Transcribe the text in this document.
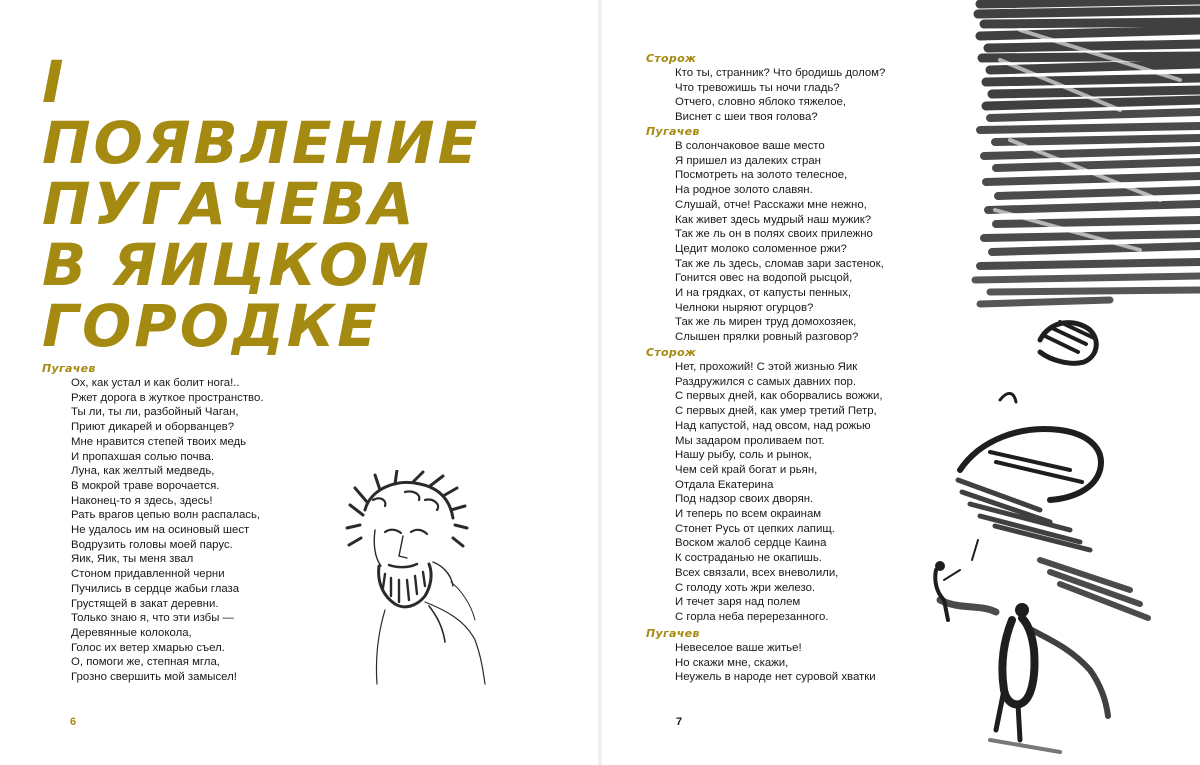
I
ПОЯВЛЕНИЕ
ПУГАЧЕВА
В ЯИЦКОМ
ГОРОДКЕ
Пугачев
Ох, как устал и как болит нога!..
Ржет дорога в жуткое пространство.
Ты ли, ты ли, разбойный Чаган,
Приют дикарей и оборванцев?
Мне нравится степей твоих медь
И пропахшая солью почва.
Луна, как желтый медведь,
В мокрой траве ворочается.
Наконец-то я здесь, здесь!
Рать врагов цепью волн распалась,
Не удалось им на осиновый шест
Водрузить головы моей парус.
Яик, Яик, ты меня звал
Стоном придавленной черни
Пучились в сердце жабьи глаза
Грустящей в закат деревни.
Только знаю я, что эти избы —
Деревянные колокола,
Голос их ветер хмарью съел.
О, помоги же, степная мгла,
Грозно свершить мой замысел!
6
Сторож
Кто ты, странник? Что бродишь долом?
Что тревожишь ты ночи гладь?
Отчего, словно яблоко тяжелое,
Виснет с шеи твоя голова?
Пугачев
В солончаковое ваше место
Я пришел из далеких стран
Посмотреть на золото телесное,
На родное золото славян.
Слушай, отче! Расскажи мне нежно,
Как живет здесь мудрый наш мужик?
Так же ль он в полях своих прилежно
Цедит молоко соломенное ржи?
Так же ль здесь, сломав зари застенок,
Гонится овес на водопой рысцой,
И на грядках, от капусты пенных,
Челноки ныряют огурцов?
Так же ль мирен труд домохозяек,
Слышен прялки ровный разговор?
Сторож
Нет, прохожий! С этой жизнью Яик
Раздружился с самых давних пор.
С первых дней, как оборвались вожжи,
С первых дней, как умер третий Петр,
Над капустой, над овсом, над рожью
Мы задаром проливаем пот.
Нашу рыбу, соль и рынок,
Чем сей край богат и рьян,
Отдала Екатерина
Под надзор своих дворян.
И теперь по всем окраинам
Стонет Русь от цепких лапищ.
Воском жалоб сердце Каина
К состраданью не окапишь.
Всех связали, всех вневолили,
С голоду хоть жри железо.
И течет заря над полем
С горла неба перерезанного.
Пугачев
Невеселое ваше житье!
Но скажи мне, скажи,
Неужель в народе нет суровой хватки
7
